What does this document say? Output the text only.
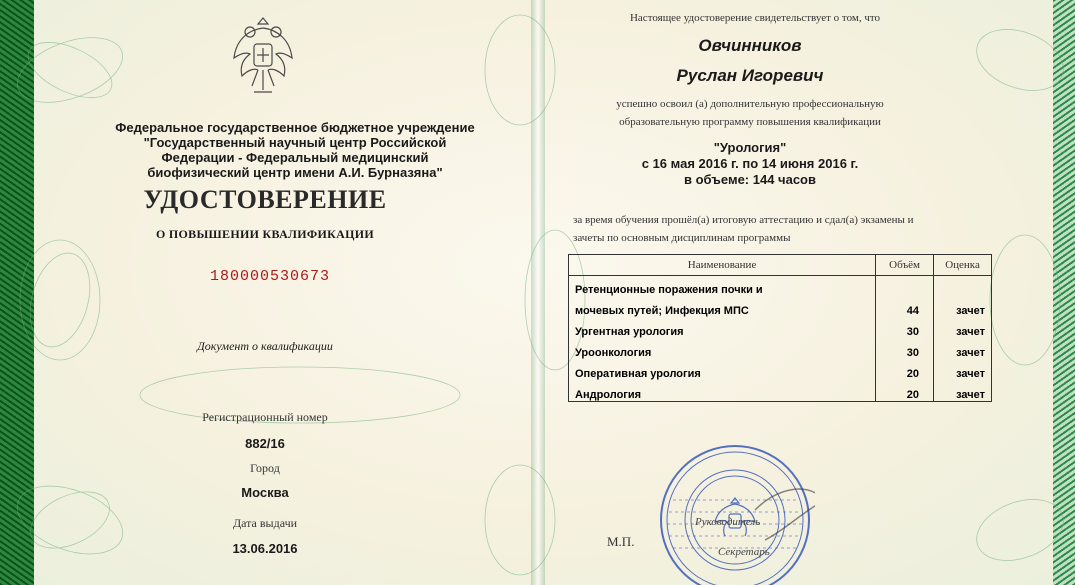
Федеральное государственное бюджетное учреждение "Государственный научный центр Российской Федерации - Федеральный медицинский биофизический центр имени А.И. Бурназяна"
УДОСТОВЕРЕНИЕ
О ПОВЫШЕНИИ КВАЛИФИКАЦИИ
180000530673
Документ о квалификации
Регистрационный номер
882/16
Город
Москва
Дата выдачи
13.06.2016
Настоящее удостоверение свидетельствует о том, что
Овчинников
Руслан Игоревич
успешно освоил (а) дополнительную профессиональную
образовательную программу повышения квалификации
"Урология"
с 16 мая 2016 г. по 14 июня 2016 г.
в объеме: 144 часов
за время обучения прошёл(а) итоговую аттестацию и сдал(а) экзамены и
зачеты по основным дисциплинам программы
Наименование	Объём	Оценка
Ретенционные поражения почки и		
мочевых путей; Инфекция МПС	44	зачет
Ургентная урология	30	зачет
Уроонкология	30	зачет
Оперативная урология	20	зачет
Андрология	20	зачет
М.П.
Руководитель
Секретарь
